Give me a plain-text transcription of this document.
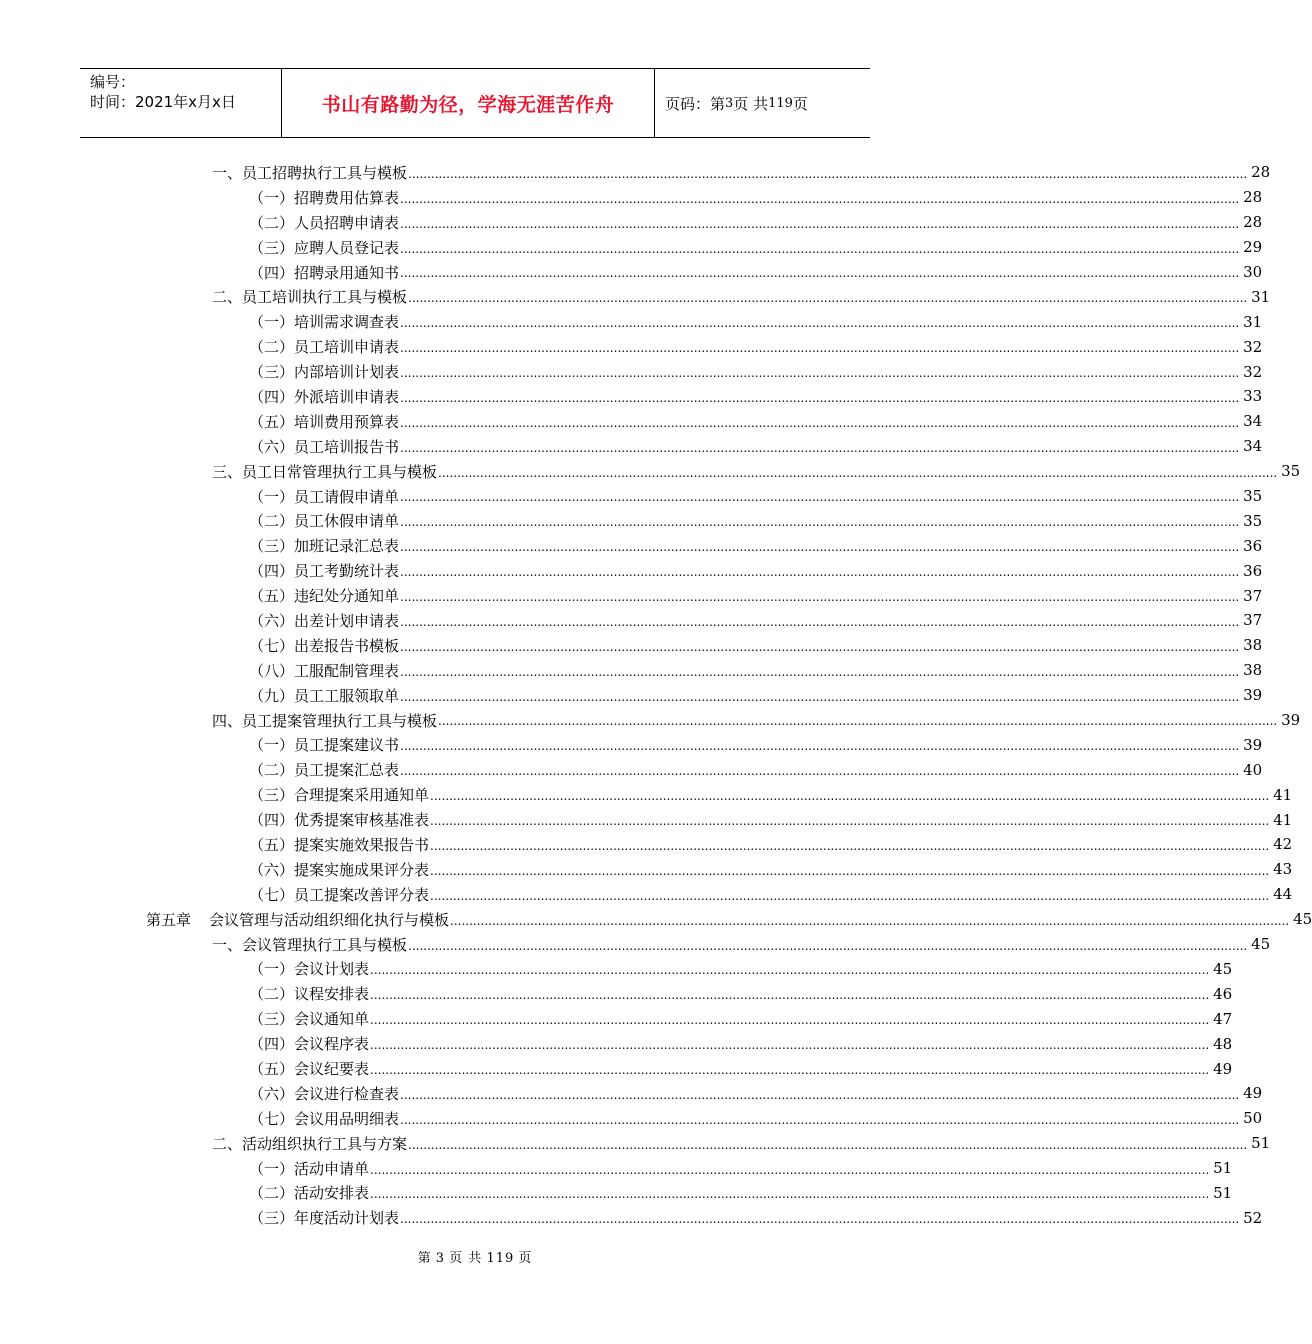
编号：
时间：2021年x月x日	书山有路勤为径，学海无涯苦作舟	页码：第 3 页 共 119 页
一、员工招聘执行工具与模板 ............................................................................................................................................................................................................................ 28
（一）招聘费用估算表 ............................................................................................................................................................................................................................ 28
（二）人员招聘申请表 ............................................................................................................................................................................................................................ 28
（三）应聘人员登记表 ............................................................................................................................................................................................................................ 29
（四）招聘录用通知书 ............................................................................................................................................................................................................................ 30
二、员工培训执行工具与模板 ............................................................................................................................................................................................................................ 31
（一）培训需求调查表 ............................................................................................................................................................................................................................ 31
（二）员工培训申请表 ............................................................................................................................................................................................................................ 32
（三）内部培训计划表 ............................................................................................................................................................................................................................ 32
（四）外派培训申请表 ............................................................................................................................................................................................................................ 33
（五）培训费用预算表 ............................................................................................................................................................................................................................ 34
（六）员工培训报告书 ............................................................................................................................................................................................................................ 34
三、员工日常管理执行工具与模板 ............................................................................................................................................................................................................................ 35
（一）员工请假申请单 ............................................................................................................................................................................................................................ 35
（二）员工休假申请单 ............................................................................................................................................................................................................................ 35
（三）加班记录汇总表 ............................................................................................................................................................................................................................ 36
（四）员工考勤统计表 ............................................................................................................................................................................................................................ 36
（五）违纪处分通知单 ............................................................................................................................................................................................................................ 37
（六）出差计划申请表 ............................................................................................................................................................................................................................ 37
（七）出差报告书模板 ............................................................................................................................................................................................................................ 38
（八）工服配制管理表 ............................................................................................................................................................................................................................ 38
（九）员工工服领取单 ............................................................................................................................................................................................................................ 39
四、员工提案管理执行工具与模板 ............................................................................................................................................................................................................................ 39
（一）员工提案建议书 ............................................................................................................................................................................................................................ 39
（二）员工提案汇总表 ............................................................................................................................................................................................................................ 40
（三）合理提案采用通知单 ............................................................................................................................................................................................................................ 41
（四）优秀提案审核基准表 ............................................................................................................................................................................................................................ 41
（五）提案实施效果报告书 ............................................................................................................................................................................................................................ 42
（六）提案实施成果评分表 ............................................................................................................................................................................................................................ 43
（七）员工提案改善评分表 ............................................................................................................................................................................................................................ 44
第五章 会议管理与活动组织细化执行与模板 ............................................................................................................................................................................................................................ 45
一、会议管理执行工具与模板 ............................................................................................................................................................................................................................ 45
（一）会议计划表 ............................................................................................................................................................................................................................ 45
（二）议程安排表 ............................................................................................................................................................................................................................ 46
（三）会议通知单 ............................................................................................................................................................................................................................ 47
（四）会议程序表 ............................................................................................................................................................................................................................ 48
（五）会议纪要表 ............................................................................................................................................................................................................................ 49
（六）会议进行检查表 ............................................................................................................................................................................................................................ 49
（七）会议用品明细表 ............................................................................................................................................................................................................................ 50
二、活动组织执行工具与方案 ............................................................................................................................................................................................................................ 51
（一）活动申请单 ............................................................................................................................................................................................................................ 51
（二）活动安排表 ............................................................................................................................................................................................................................ 51
（三）年度活动计划表 ............................................................................................................................................................................................................................ 52
第 3 页 共 119 页
